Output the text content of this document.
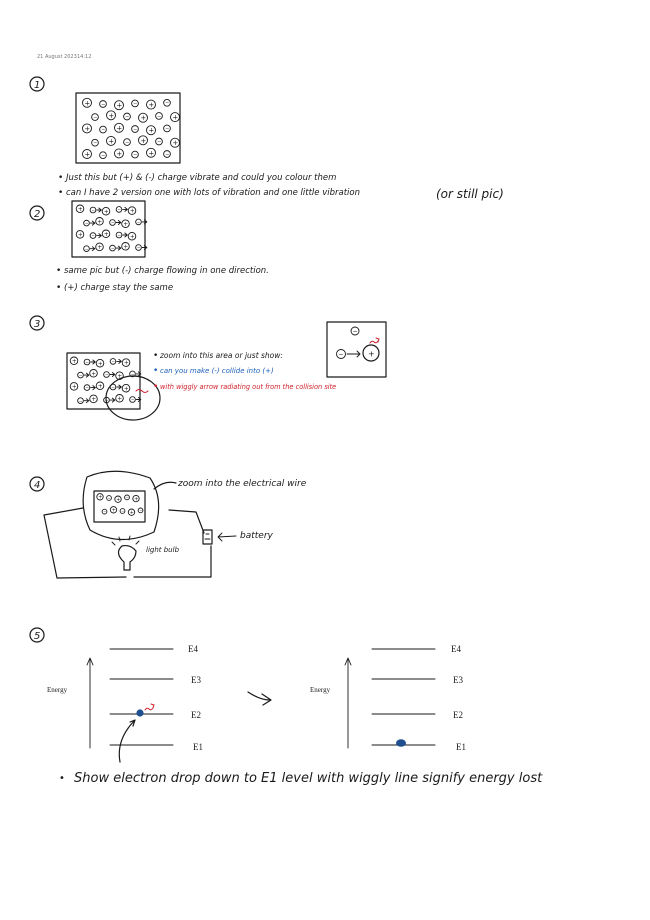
21 August 2023 14:12
1
+ − + − + −
− + − + − +
+ − + − + −
− + − + − +
+ − + − + −
• Just this but (+) & (-) charge vibrate and could you colour them
• can I have 2 version one with lots of vibration and one little vibration	(or still pic)
2	+ − + − +
− + − + −
+ − + − +
− + − + −
• same pic but (-) charge flowing in one direction.
• (+) charge stay the same
3
+ − + − +
− + − + −
+ − + − +
− + − + −
• zoom into this area or just show:
• can you make (-) collide into (+)
• with wiggly arrow radiating out from the collision site
−
−	+
4
+ − +
− +
− + − +
−
zoom into the electrical wire
battery
light bulb
5
Energy
E4
E3
E2
E1
Energy
E4
E3
E2
E1
• Show electron drop down to E1 level with wiggly line signify energy lost
